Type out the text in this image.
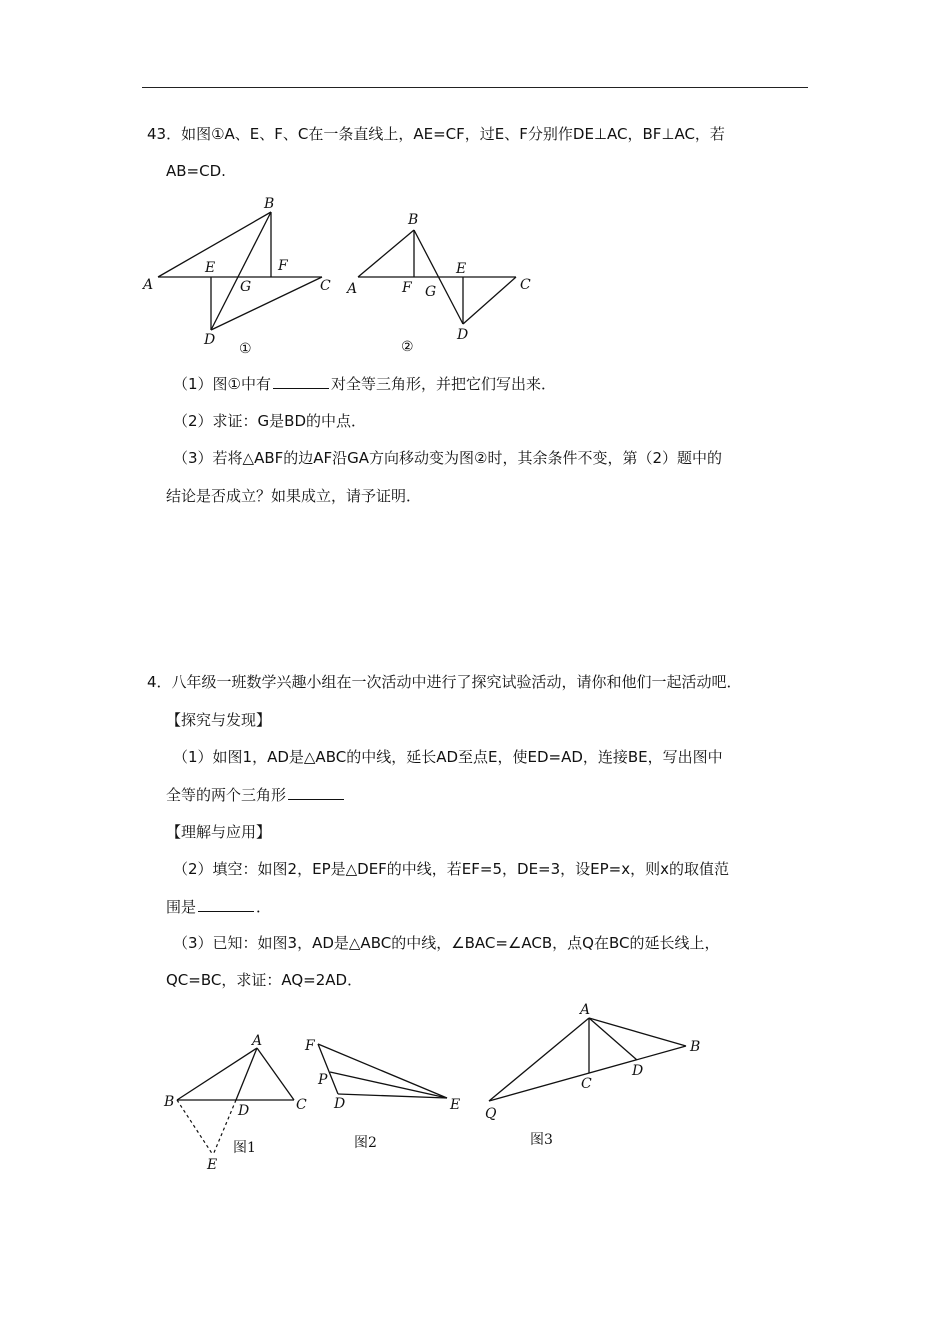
43．如图①A、E、F、C在一条直线上，AE=CF，过E、F分别作DE⊥AC，BF⊥AC，若
AB=CD.
A
B
C
D
E	F
G
①
A
B
C
D
E
F G
②
（1）图①中有	对全等三角形，并把它们写出来．
（2）求证：G是BD的中点．
（3）若将△ABF的边AF沿GA方向移动变为图②时，其余条件不变，第（2）题中的
结论是否成立？如果成立，请予证明．
4．八年级一班数学兴趣小组在一次活动中进行了探究试验活动，请你和他们一起活动吧．
【探究与发现】
（1）如图1，AD是△ABC的中线，延长AD至点E，使ED=AD，连接BE，写出图中
全等的两个三角形
【理解与应用】
（2）填空：如图2，EP是△DEF的中线，若EF=5，DE=3，设EP=x，则x的取值范
围是	．
（3）已知：如图3，AD是△ABC的中线，∠BAC=∠ACB，点Q在BC的延长线上，
QC=BC，求证：AQ=2AD．
A
B	C
D
E
图1
F
P
D	E
图2
A
B
C
D
Q
图3
